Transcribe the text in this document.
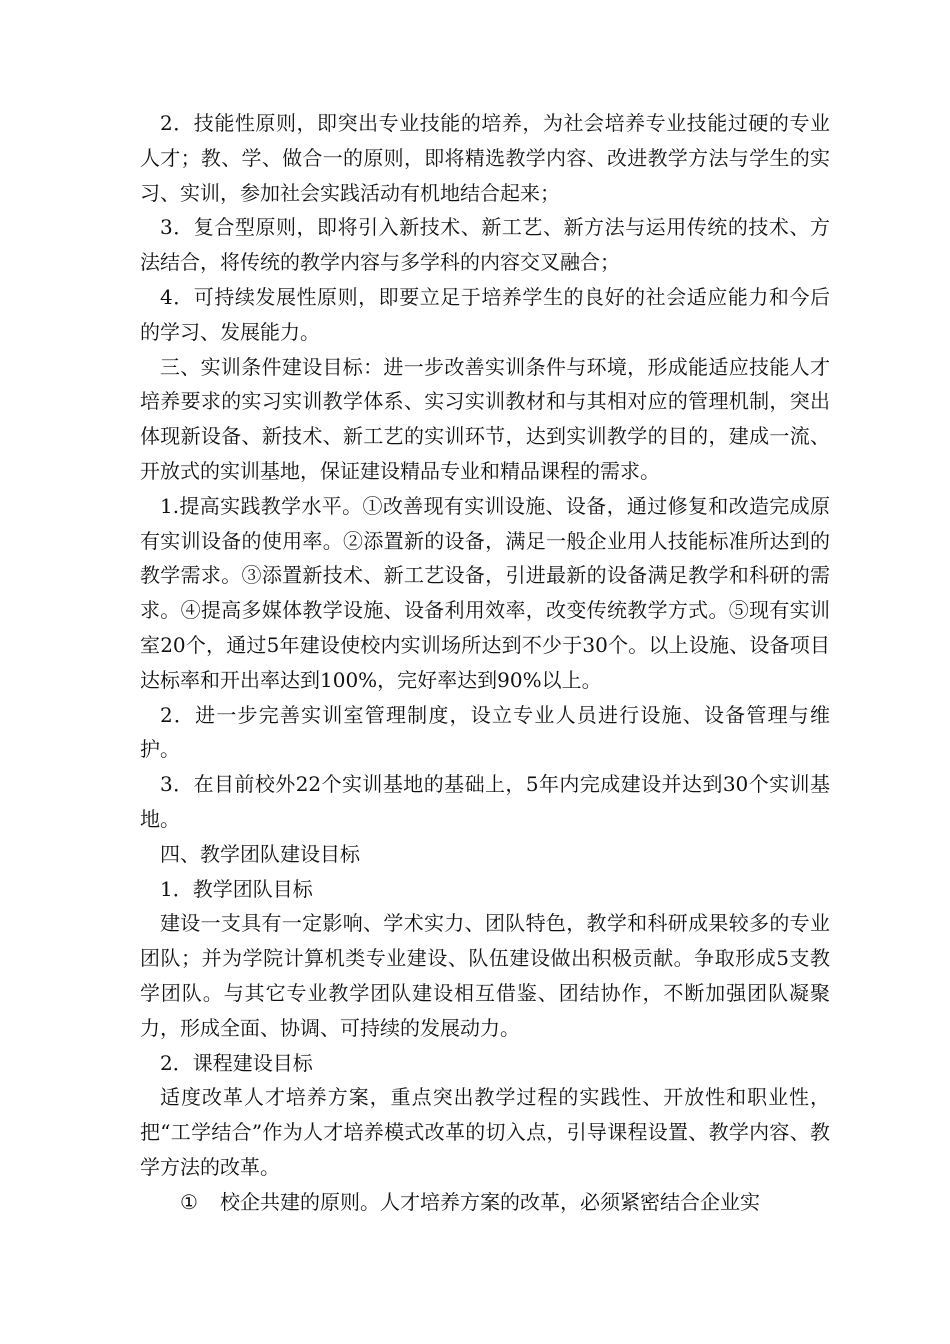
2．技能性原则，即突出专业技能的培养，为社会培养专业技能过硬的专业人才；教、学、做合一的原则，即将精选教学内容、改进教学方法与学生的实习、实训，参加社会实践活动有机地结合起来；

3．复合型原则，即将引入新技术、新工艺、新方法与运用传统的技术、方法结合，将传统的教学内容与多学科的内容交叉融合；

4．可持续发展性原则，即要立足于培养学生的良好的社会适应能力和今后的学习、发展能力。

三、实训条件建设目标：进一步改善实训条件与环境，形成能适应技能人才培养要求的实习实训教学体系、实习实训教材和与其相对应的管理机制，突出体现新设备、新技术、新工艺的实训环节，达到实训教学的目的，建成一流、开放式的实训基地，保证建设精品专业和精品课程的需求。

1.提高实践教学水平。①改善现有实训设施、设备，通过修复和改造完成原有实训设备的使用率。②添置新的设备，满足一般企业用人技能标准所达到的教学需求。③添置新技术、新工艺设备，引进最新的设备满足教学和科研的需求。④提高多媒体教学设施、设备利用效率，改变传统教学方式。⑤现有实训室20个，通过5年建设使校内实训场所达到不少于30个。以上设施、设备项目达标率和开出率达到100%，完好率达到90%以上。

2．进一步完善实训室管理制度，设立专业人员进行设施、设备管理与维护。

3．在目前校外22个实训基地的基础上，5年内完成建设并达到30个实训基地。

四、教学团队建设目标

1．教学团队目标

建设一支具有一定影响、学术实力、团队特色，教学和科研成果较多的专业团队；并为学院计算机类专业建设、队伍建设做出积极贡献。争取形成5支教学团队。与其它专业教学团队建设相互借鉴、团结协作，不断加强团队凝聚力，形成全面、协调、可持续的发展动力。

2．课程建设目标

适度改革人才培养方案，重点突出教学过程的实践性、开放性和职业性，把“工学结合”作为人才培养模式改革的切入点，引导课程设置、教学内容、教学方法的改革。

① 校企共建的原则。人才培养方案的改革，必须紧密结合企业实
